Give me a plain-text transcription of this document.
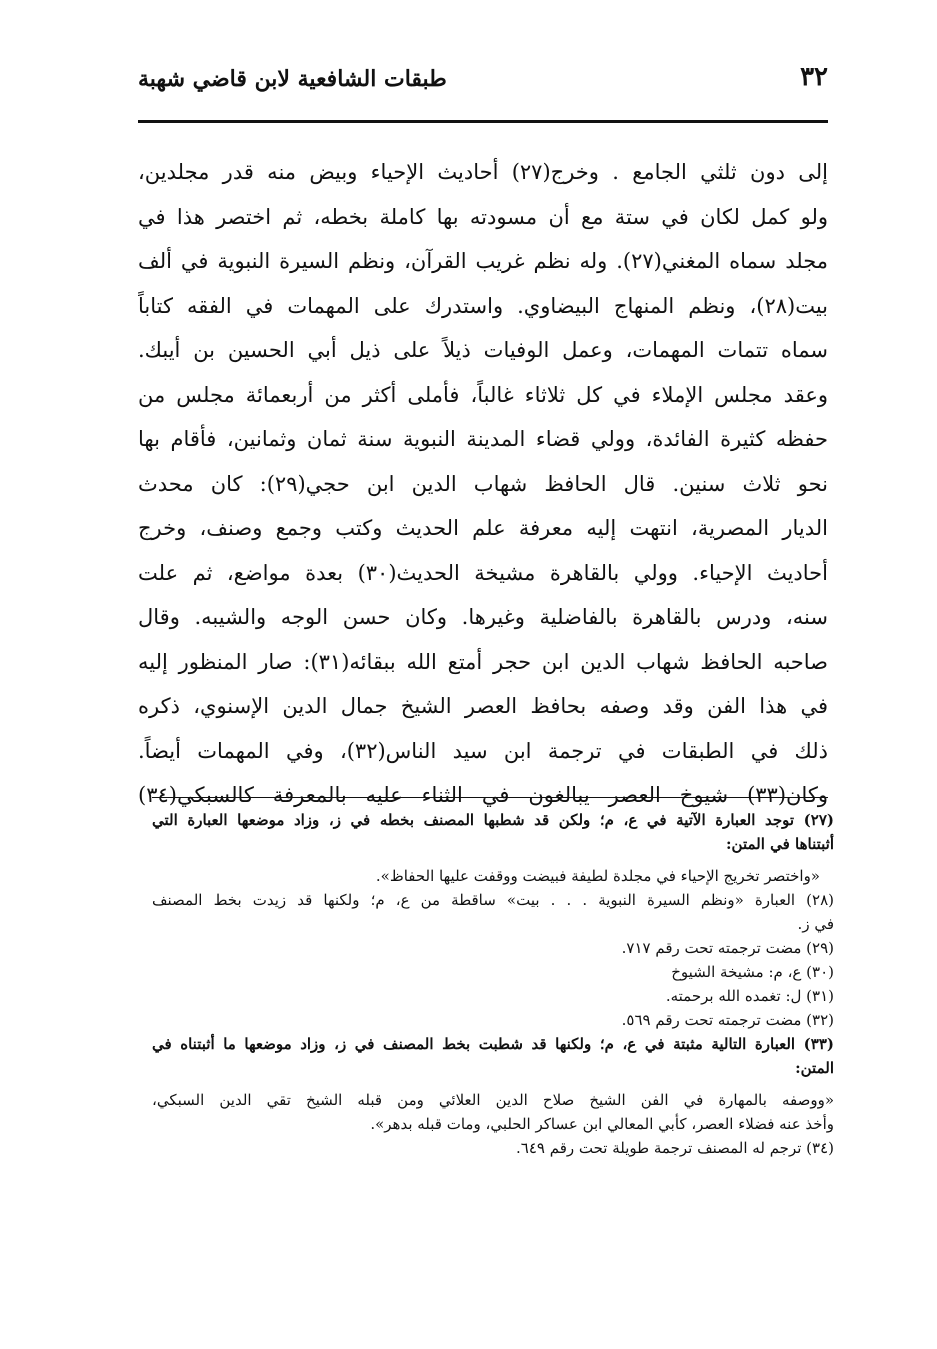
٣٢
طبقات الشافعية لابن قاضي شهبة
إلى دون ثلثي الجامع . وخرج(٢٧) أحاديث الإحياء وبيض منه قدر مجلدين،
ولو كمل لكان في ستة مع أن مسودته بها كاملة بخطه، ثم اختصر هذا في
مجلد سماه المغني(٢٧). وله نظم غريب القرآن، ونظم السيرة النبوية في ألف
بيت(٢٨)، ونظم المنهاج البيضاوي. واستدرك على المهمات في الفقه كتاباً
سماه تتمات المهمات، وعمل الوفيات ذيلاً على ذيل أبي الحسين بن أيبك.
وعقد مجلس الإملاء في كل ثلاثاء غالباً، فأملى أكثر من أربعمائة مجلس من
حفظه كثيرة الفائدة، وولي قضاء المدينة النبوية سنة ثمان وثمانين، فأقام بها
نحو ثلاث سنين. قال الحافظ شهاب الدين ابن حجي(٢٩): كان محدث
الديار المصرية، انتهت إليه معرفة علم الحديث وكتب وجمع وصنف، وخرج
أحاديث الإحياء. وولي بالقاهرة مشيخة الحديث(٣٠) بعدة مواضع، ثم علت
سنه، ودرس بالقاهرة بالفاضلية وغيرها. وكان حسن الوجه والشيبه. وقال
صاحبه الحافظ شهاب الدين ابن حجر أمتع الله ببقائه(٣١): صار المنظور إليه
في هذا الفن وقد وصفه بحافظ العصر الشيخ جمال الدين الإسنوي، ذكره
ذلك في الطبقات في ترجمة ابن سيد الناس(٣٢)، وفي المهمات أيضاً.
وكان(٣٣) شيوخ العصر يبالغون في الثناء عليه بالمعرفة كالسبكي(٣٤)
(٢٧) توجد العبارة الآتية في ع، م؛ ولكن قد شطبها المصنف بخطه في ز، وزاد موضعها العبارة التي
أثبتناها في المتن:
«واختصر تخريج الإحياء في مجلدة لطيفة فبيضت ووقفت عليها الحفاظ».
(٢٨) العبارة «ونظم السيرة النبوية . . . بيت» ساقطة من ع، م؛ ولكنها قد زيدت بخط المصنف
في ز.
(٢٩) مضت ترجمته تحت رقم ٧١٧.
(٣٠) ع، م: مشيخة الشيوخ
(٣١) ل: تغمده الله برحمته.
(٣٢) مضت ترجمته تحت رقم ٥٦٩.
(٣٣) العبارة التالية مثبتة في ع، م؛ ولكنها قد شطبت بخط المصنف في ز، وزاد موضعها ما أثبتناه في
المتن:
«ووصفه بالمهارة في الفن الشيخ صلاح الدين العلائي ومن قبله الشيخ تقي الدين السبكي،
وأخذ عنه فضلاء العصر، كأبي المعالي ابن عساكر الحلبي، ومات قبله بدهر».
(٣٤) ترجم له المصنف ترجمة طويلة تحت رقم ٦٤٩.
